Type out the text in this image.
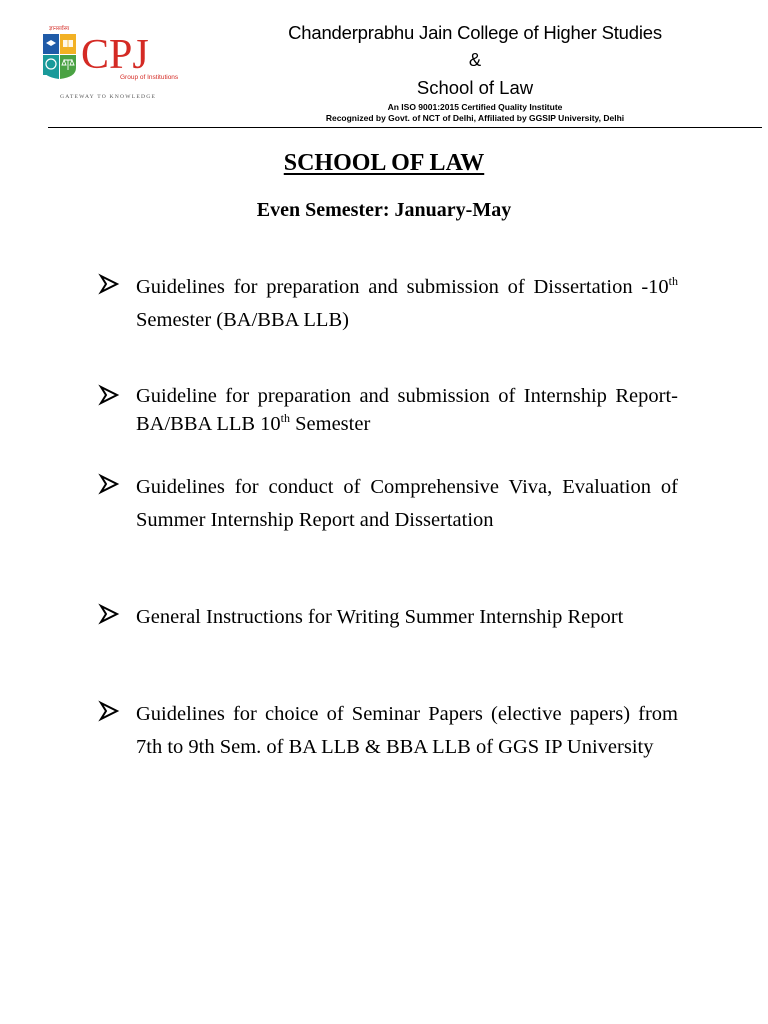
ज्ञानसर्वस्य
CPJ
Group of Institutions
GATEWAY TO KNOWLEDGE
Chanderprabhu Jain College of Higher Studies
&
School of Law
An ISO 9001:2015 Certified Quality Institute
Recognized by Govt. of NCT of Delhi, Affiliated by GGSIP University, Delhi
SCHOOL OF LAW
Even Semester: January-May
Guidelines for preparation and submission of Dissertation -10th Semester (BA/BBA LLB)
Guideline for preparation and submission of Internship Report- BA/BBA LLB 10th Semester
Guidelines for conduct of Comprehensive Viva, Evaluation of Summer Internship Report and Dissertation
General Instructions for Writing Summer Internship Report
Guidelines for choice of Seminar Papers (elective papers) from 7th to 9th Sem. of BA LLB & BBA LLB of GGS IP University
